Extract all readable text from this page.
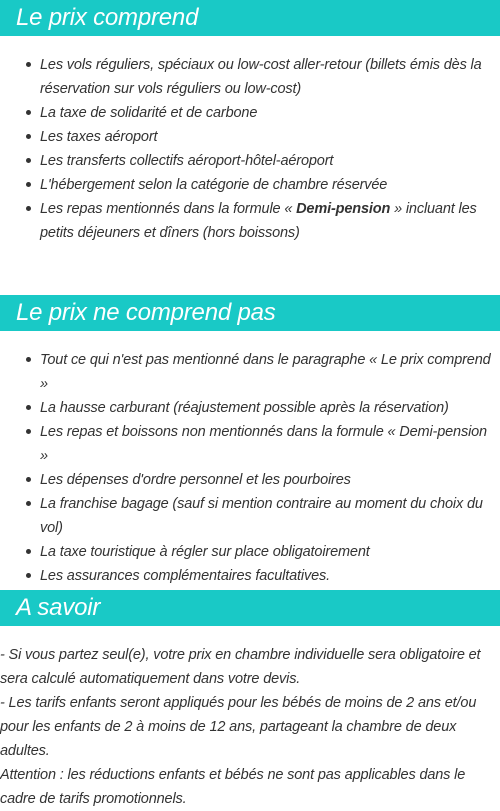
Le prix comprend
Les vols réguliers, spéciaux ou low-cost aller-retour (billets émis dès la réservation sur vols réguliers ou low-cost)
La taxe de solidarité et de carbone
Les taxes aéroport
Les transferts collectifs aéroport-hôtel-aéroport
L'hébergement selon la catégorie de chambre réservée
Les repas mentionnés dans la formule « Demi-pension » incluant les petits déjeuners et dîners (hors boissons)
Le prix ne comprend pas
Tout ce qui n'est pas mentionné dans le paragraphe « Le prix comprend »
La hausse carburant (réajustement possible après la réservation)
Les repas et boissons non mentionnés dans la formule « Demi-pension »
Les dépenses d'ordre personnel et les pourboires
La franchise bagage (sauf si mention contraire au moment du choix du vol)
La taxe touristique à régler sur place obligatoirement
Les assurances complémentaires facultatives.
A savoir

- Si vous partez seul(e), votre prix en chambre individuelle sera obligatoire et sera calculé automatiquement dans votre devis.

- Les tarifs enfants seront appliqués pour les bébés de moins de 2 ans et/ou pour les enfants de 2 à moins de 12 ans, partageant la chambre de deux adultes.

Attention : les réductions enfants et bébés ne sont pas applicables dans le cadre de tarifs promotionnels.
